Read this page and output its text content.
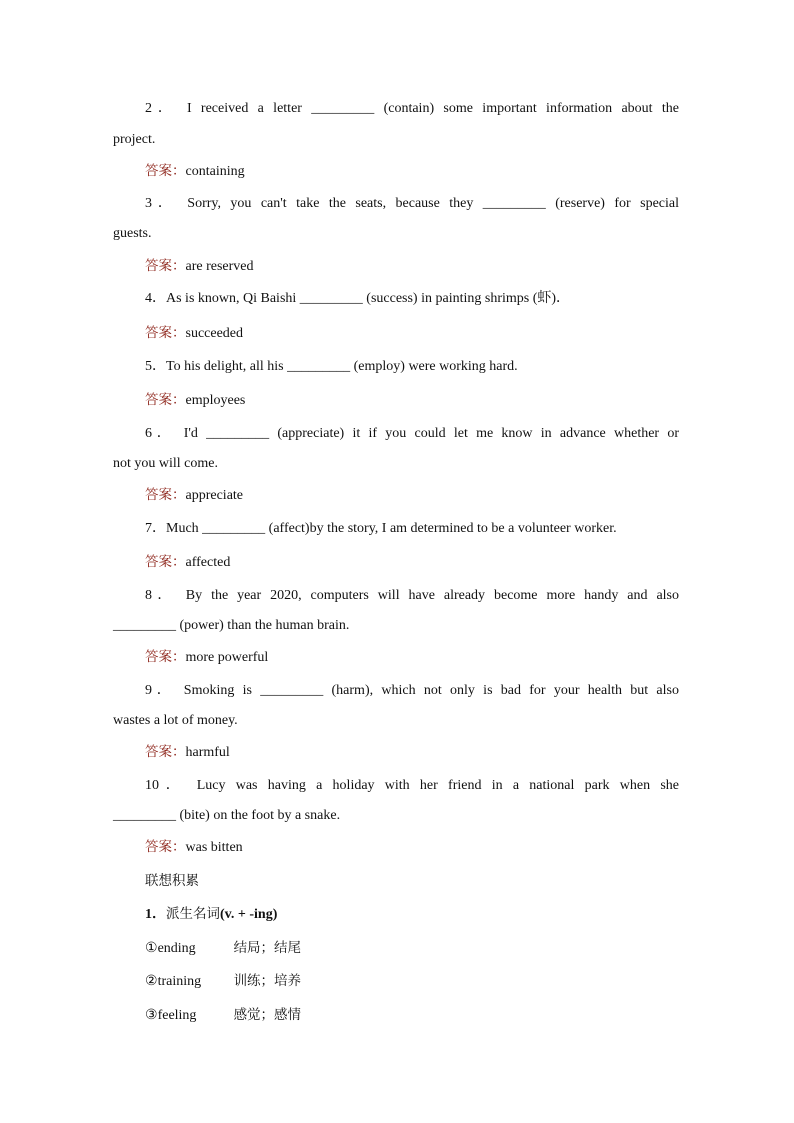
2． I received a letter _________ (contain) some important information about the
project.
答案：containing
3． Sorry, you can't take the seats, because they _________ (reserve) for special
guests.
答案：are reserved
4．As is known, Qi Baishi _________ (success) in painting shrimps (虾)．
答案：succeeded
5．To his delight, all his _________ (employ) were working hard.
答案：employees
6． I'd _________ (appreciate) it if you could let me know in advance whether or
not you will come.
答案：appreciate
7．Much _________ (affect)by the story, I am determined to be a volunteer worker.
答案：affected
8． By the year 2020, computers will have already become more handy and also
_________ (power) than the human brain.
答案：more powerful
9． Smoking is _________ (harm), which not only is bad for your health but also
wastes a lot of money.
答案：harmful
10． Lucy was having a holiday with her friend in a national park when she
_________ (bite) on the foot by a snake.
答案：was bitten
联想积累
1．派生名词(v. + -ing)
①ending	结局；结尾
②training 训练；培养
③feeling	感觉；感情
